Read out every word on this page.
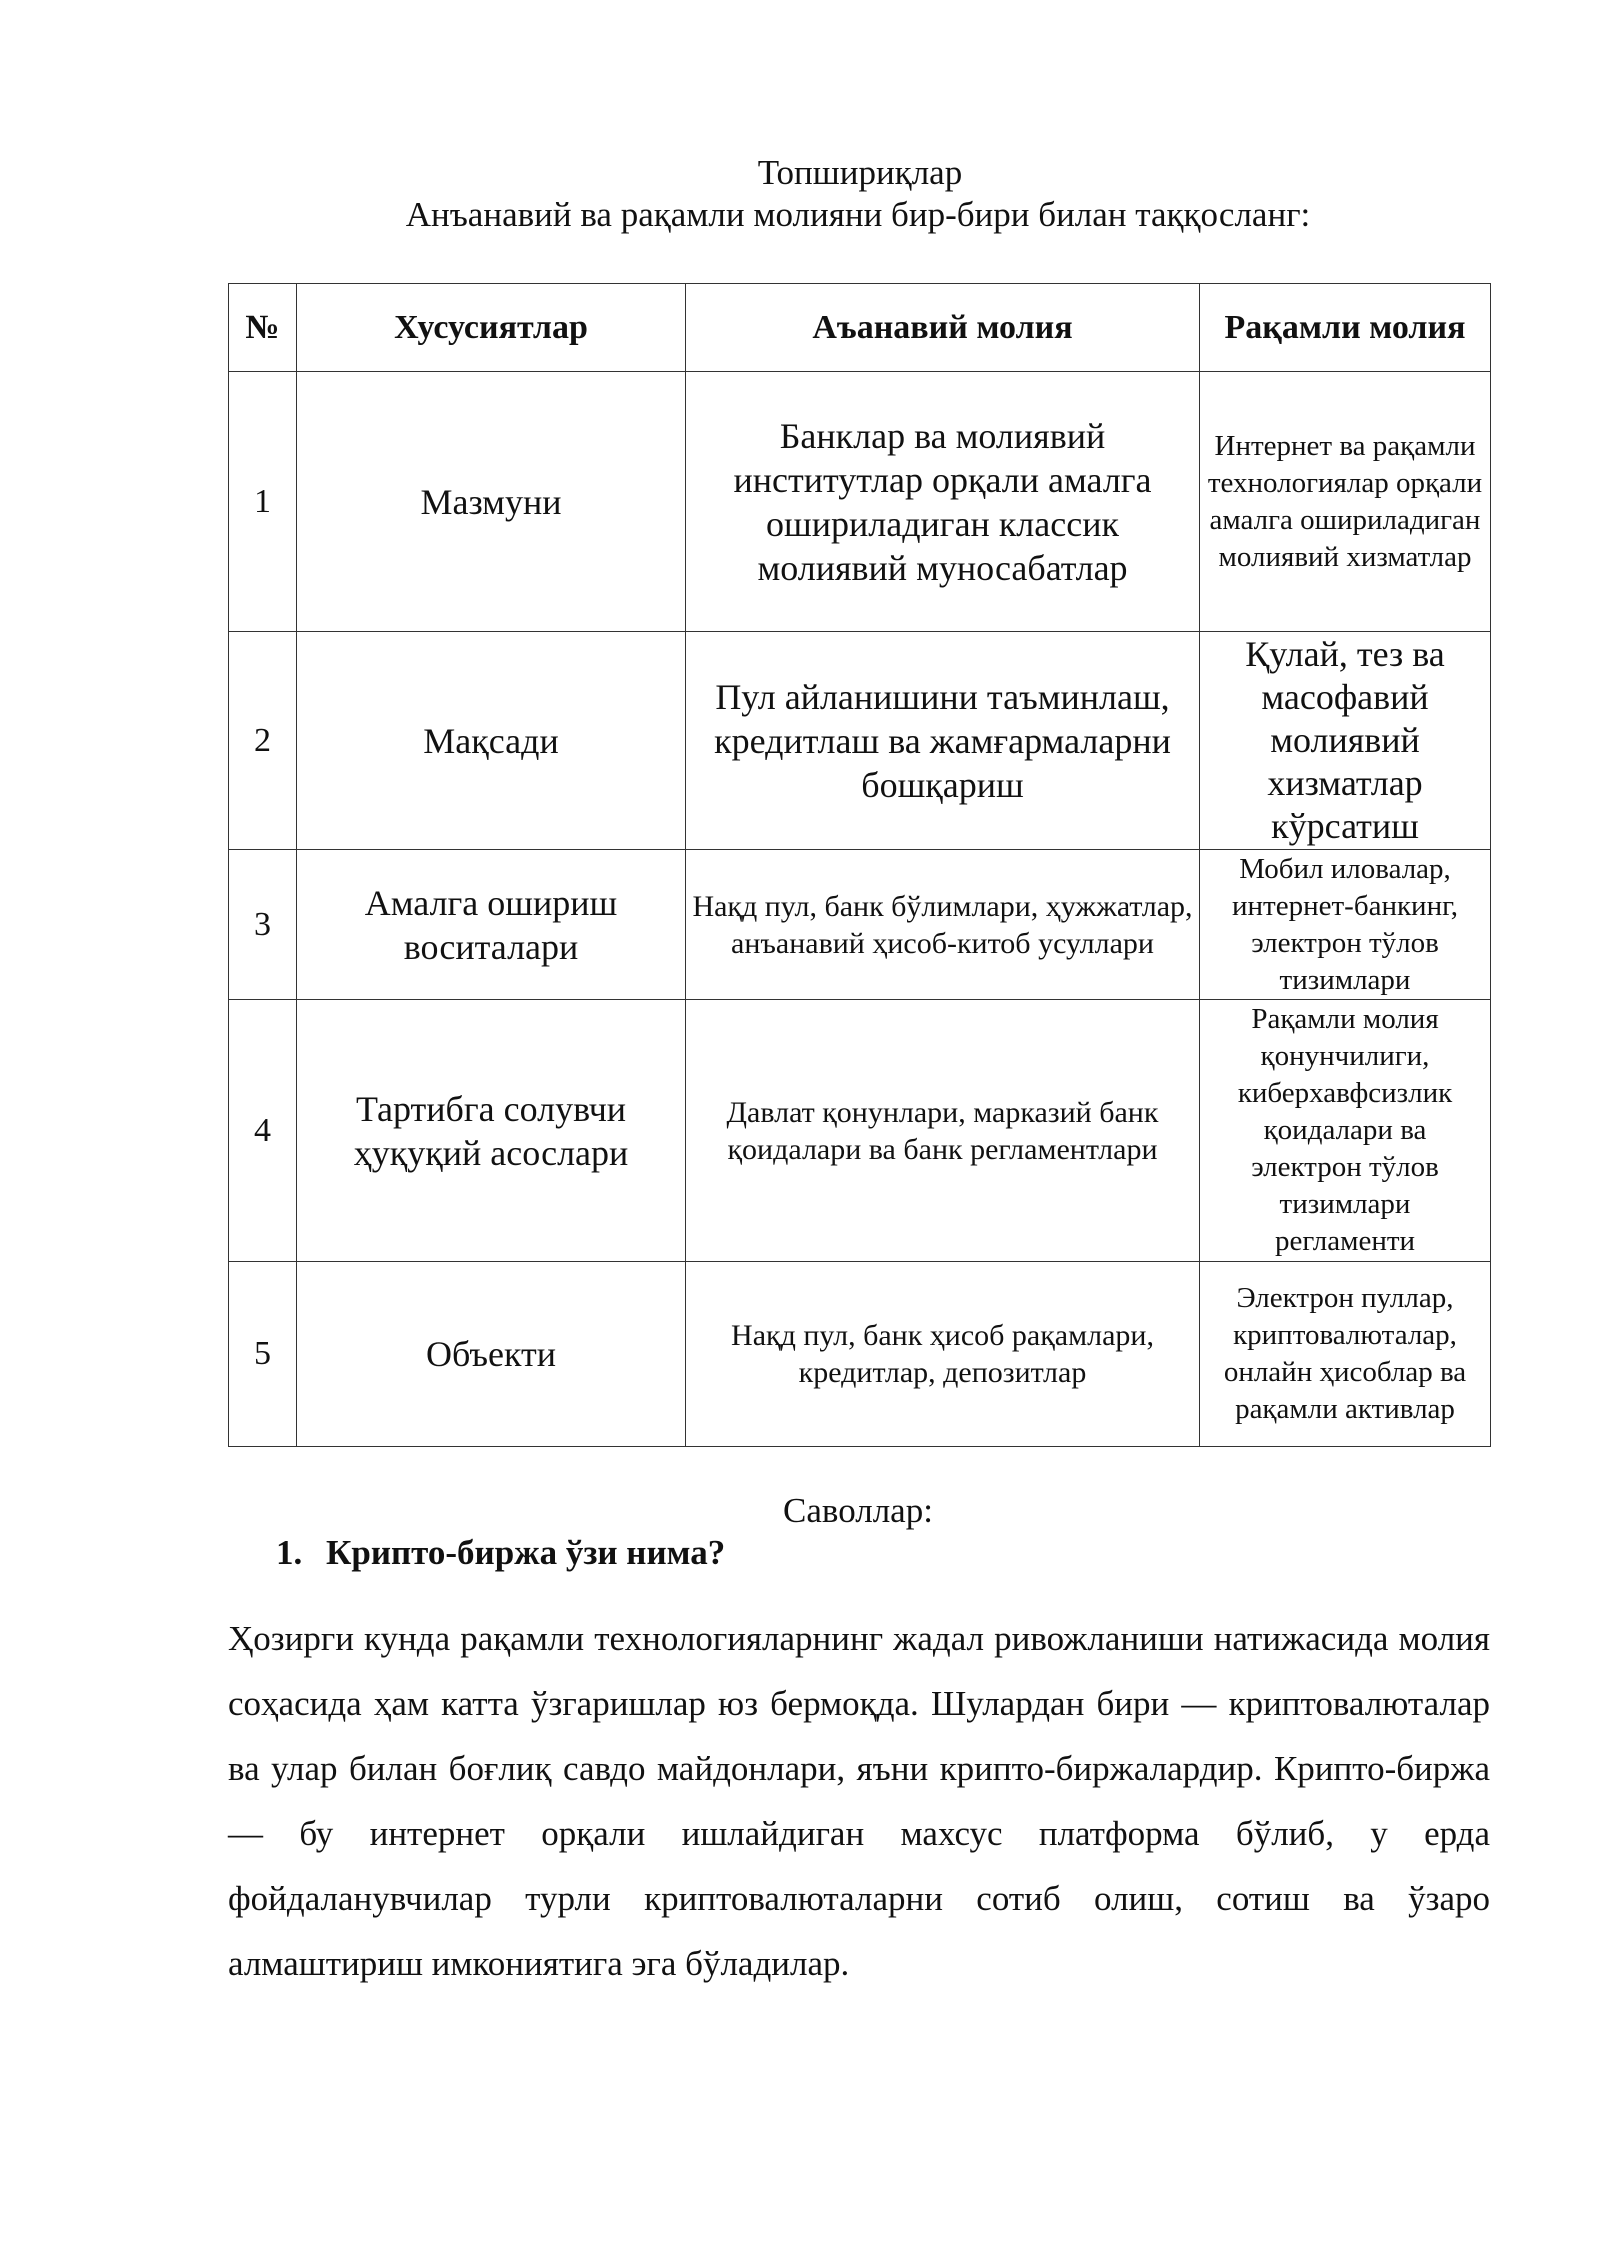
Топшириқлар
Анъанавий ва рақамли молияни бир-бири билан таққосланг:
№	Хусусиятлар	Аъанавий молия	Рақамли молия
1	Мазмуни	Банклар ва молиявий институтлар орқали амалга ошириладиган классик молиявий муносабатлар	Интернет ва рақамли технологиялар орқали амалга ошириладиган молиявий хизматлар
2	Мақсади	Пул айланишини таъминлаш, кредитлаш ва жамғармаларни бошқариш	Қулай, тез ва масофавий молиявий хизматлар кўрсатиш
3	Амалга ошириш воситалари	Нақд пул, банк бўлимлари, ҳужжатлар, анъанавий ҳисоб-китоб усуллари	Мобил иловалар, интернет-банкинг, электрон тўлов тизимлари
4	Тартибга солувчи ҳуқуқий асослари	Давлат қонунлари, марказий банк қоидалари ва банк регламентлари	Рақамли молия қонунчилиги, киберхавфсизлик қоидалари ва электрон тўлов тизимлари регламенти
5	Объекти	Нақд пул, банк ҳисоб рақамлари, кредитлар, депозитлар	Электрон пуллар, криптовалюталар, онлайн ҳисоблар ва рақамли активлар
Саволлар:
1. Крипто-биржа ўзи нима?

Ҳозирги кунда рақамли технологияларнинг жадал ривожланиши натижасида молия соҳасида ҳам катта ўзгаришлар юз бермоқда. Шулардан бири — криптовалюталар ва улар билан боғлиқ савдо майдонлари, яъни крипто-биржалардир. Крипто-биржа — бу интернет орқали ишлайдиган махсус платформа бўлиб, у ерда фойдаланувчилар турли криптовалюталарни сотиб олиш, сотиш ва ўзаро алмаштириш имкониятига эга бўладилар.
